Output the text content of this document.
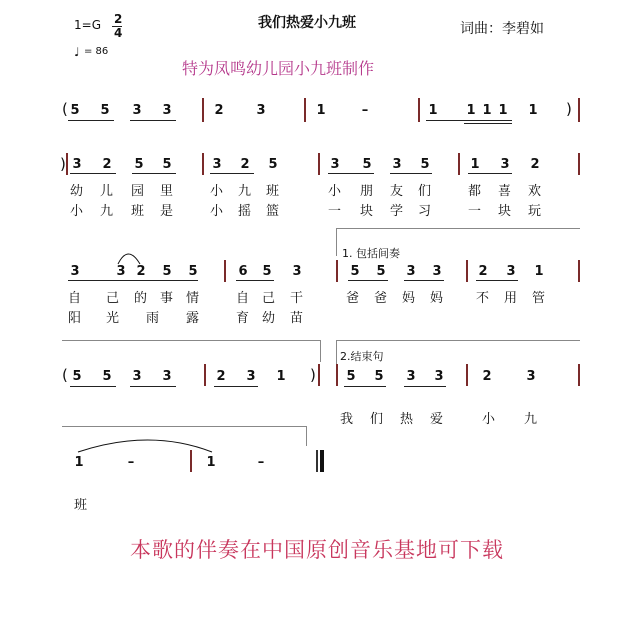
1=G 2
4
♩ = 86
我们热爱小九班	词曲：李碧如
特为凤鸣幼儿园小九班制作
( 5 5 3 3	2	3	1	–	1 1 1 1 1 )
) 3 2 5 5	3 2 5	3 5 3 5	1 3 2
幼 儿 园 里	小 九 班	小 朋 友 们	都 喜 欢
小 九 班 是	小 摇 篮	一 块 学 习	一 块 玩
1. 包括间奏
3	3 2 5 5	6 5 3	5 5 3 3	2 3 1
自 己 的 事 情	自 己 干	爸 爸 妈 妈	不 用 管
阳 光 雨 露	育 幼 苗
2.结束句
( 5 5 3 3	2 3 1 ) 5 5 3 3	2	3
我 们 热 爱	小 九
1	–	1	–
班
本歌的伴奏在中国原创音乐基地可下载
